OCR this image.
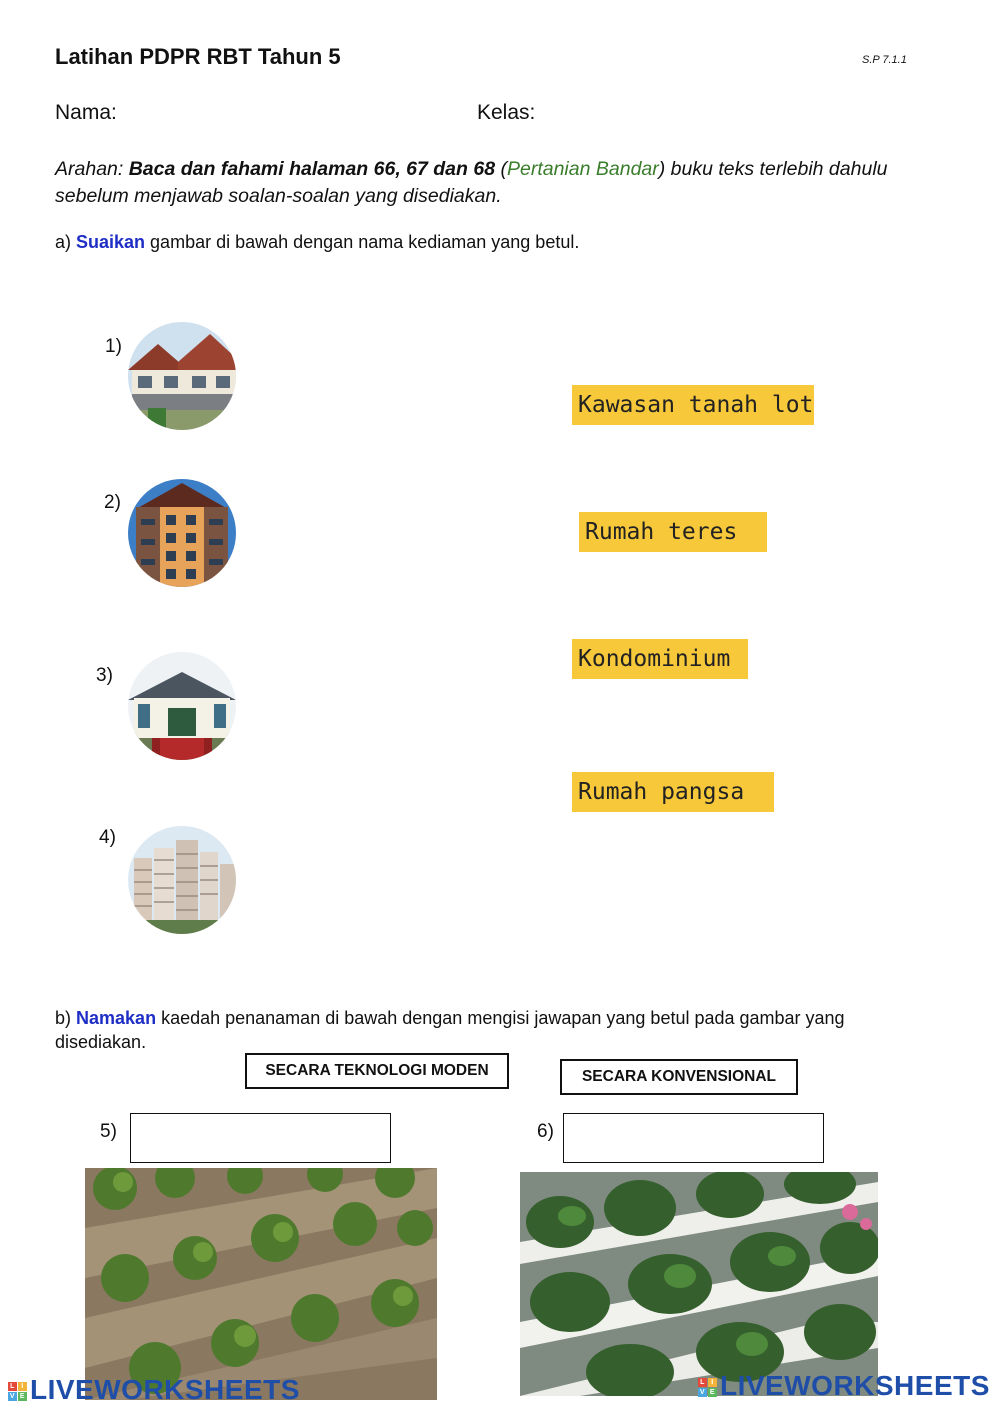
Latihan PDPR RBT Tahun 5	S.P 7.1.1
Nama:	Kelas:
Arahan: Baca dan fahami halaman 66, 67 dan 68 (Pertanian Bandar) buku teks terlebih dahulu sebelum menjawab soalan-soalan yang disediakan.
a) Suaikan gambar di bawah dengan nama kediaman yang betul.
1)
2)
3)
4)
Kawasan tanah lot
Rumah teres
Kondominium
Rumah pangsa
b) Namakan kaedah penanaman di bawah dengan mengisi jawapan yang betul pada gambar yang disediakan.
SECARA TEKNOLOGI MODEN	SECARA KONVENSIONAL
5)	6)
L I
V E LIVEWORKSHEETS	L I
V E LIVEWORKSHEETS
